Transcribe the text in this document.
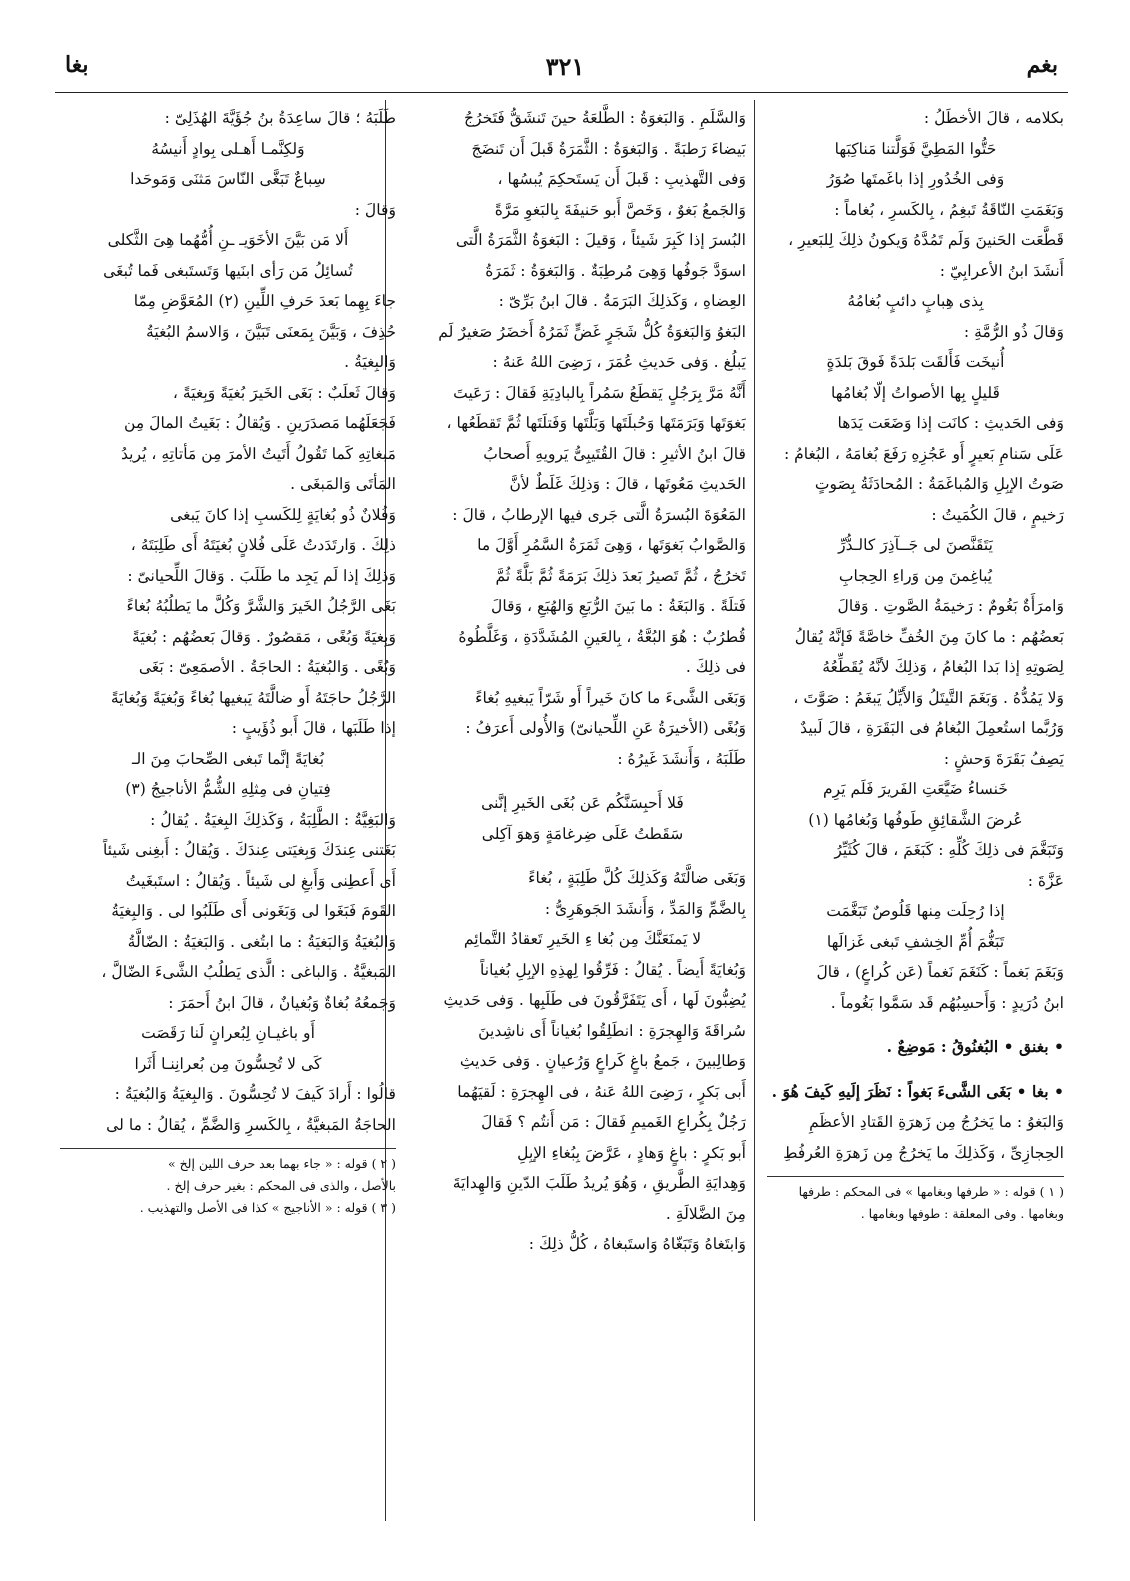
بغم
٣٢١
بغا

بكلامه ، قالَ الأخطَلُ :

حَتُّوا المَطِيَّ فَوَلَّتنا مَناكِبَها

وَفى الخُدُورِ إذا باغَمتَها صُوَرُ

وَبَغَمَتِ النّاقَةُ تَبغِمُ ، بِالكَسرِ ، بُغاماً :

قَطَّعَت الحَنينَ وَلَم تَمُدَّهُ وَيكونُ ذلِكَ لِلبَعيرِ ،

أَنشَدَ ابنُ الأعرابِيّ :

بِذى هِبابٍ دائبٍ بُغامُهُ

وَقالَ ذُو الرُّمَّةِ :

أُنيخَت فَأَلقَت بَلدَةً فَوقَ بَلدَةٍ

قَليلٍ بِها الأصواتُ إلّا بُغامُها

وَفى الحَديثِ : كانَت إذا وَضَعَت يَدَها

عَلَى سَنامِ بَعيرٍ أَو عَجُزِهِ رَفَعَ بُغامَهُ ، البُغامُ :

صَوتُ الإبِلِ وَالمُباغَمَةُ : المُحادَثَةُ بِصَوتٍ

رَخيمٍ ، قالَ الكُمَيتُ :

يَتَقَنَّصنَ لى جَــآذِرَ كالـدُّرِّ

يُباغِمنَ مِن وَراءِ الحِجابِ

وَامرَأَةٌ بَغُومٌ : رَخيمَةُ الصَّوتِ . وَقالَ

بَعضُهُم : ما كانَ مِنَ الخُفِّ خاصَّةً فَإنَّهُ يُقالُ

لِصَوتِهِ إذا بَدا البُغامُ ، وَذلِكَ لأنَّهُ يُقَطِّعُهُ

وَلا يَمُدُّهُ . وَبَغَمَ التَّيتَلُ وَالأَيِّلُ يَبغَمُ : صَوَّتَ ،

وَرُبَّما استُعمِلَ البُغامُ فى البَقَرَةِ ، قالَ لَبيدٌ

يَصِفُ بَقَرَةَ وَحشٍ :

خَنساءُ ضَيَّعَتِ الفَريرَ فَلَم يَرِم

عُرضَ الشَّقائِقِ طَوفُها وَبُغامُها (١)

وَتَبَغَّمَ فى ذلِكَ كُلِّهِ : كَبَغَمَ ، قالَ كُثَيِّرُ

عَزَّةَ :

إذا رُحِلَت مِنها قَلُوصٌ تَبَغَّمَت

تَبَغُّمَ أُمِّ الخِشفِ تَبغى غَزالَها

وَبَغَمَ بَغماً : كَنَغَمَ نَغماً (عَن كُراعٍ) ، قالَ

ابنُ دُرَيدٍ : وَأَحسِبُهُم قَد سَمَّوا بَغُوماً .

• بغنق • البُغنُوقُ : مَوضِعٌ .

• بغا • بَغَى الشَّىءَ بَغواً : نَظَرَ إلَيهِ كَيفَ هُوَ .

وَالبَغوُ : ما يَخرُجُ مِن زَهرَةِ القَتادِ الأعظَمِ

الحِجازِىِّ ، وَكَذلِكَ ما يَخرُجُ مِن زَهرَةِ العُرفُطِ

( ١ ) قوله : « طرفها وبغامها » فى المحكم : طرفها

وبغامها . وفى المعلقة : طوفها وبغامها .

وَالسَّلَمِ . وَالبَغوَةُ : الطَّلعَةُ حينَ تَنشَقُّ فَتَخرُجُ

بَيضاءَ رَطبَةً . وَالبَغوَةُ : الثَّمَرَةُ قَبلَ أَن تَنضَجَ

وَفى التَّهذيبِ : قَبلَ أَن يَستَحكِمَ يُبسُها ،

وَالجَمعُ بَغوٌ ، وَخَصَّ أَبو حَنيفَةَ بِالبَغوِ مَرَّةً

البُسرَ إذا كَبِرَ شَيئاً ، وَقيلَ : البَغوَةُ الثَّمَرَةُ الَّتى

اسوَدَّ جَوفُها وَهِىَ مُرطِبَةٌ . وَالبَغوَةُ : ثَمَرَةُ

العِضاهِ ، وَكَذلِكَ البَرَمَةُ . قالَ ابنُ بَرِّىّ :

البَغوُ وَالبَغوَةُ كُلُّ شَجَرٍ غَضٍّ ثَمَرُهُ أَخضَرُ صَغيرٌ لَم

يَبلُغ . وَفى حَديثِ عُمَرَ ، رَضِىَ اللهُ عَنهُ :

أَنَّهُ مَرَّ بِرَجُلٍ يَقطَعُ سَمُراً بِالبادِيَةِ فَقالَ : رَعَيتَ

بَغوَتَها وَبَرَمَتَها وَحُبلَتَها وَبَلَّتَها وَفَتلَتَها ثُمَّ تَقطَعُها ،

قالَ ابنُ الأثيرِ : قالَ القُتَيبِىُّ يَرويهِ أَصحابُ

الحَديثِ مَعُوتَها ، قالَ : وَذلِكَ غَلَطٌ لأنَّ

المَعُوَةَ البُسرَةُ الَّتى جَرى فيها الإرطابُ ، قالَ :

وَالصَّوابُ بَغوَتَها ، وَهِىَ ثَمَرَةُ السَّمُرِ أَوَّلَ ما

تَخرُجُ ، ثُمَّ تَصيرُ بَعدَ ذلِكَ بَرَمَةً ثُمَّ بَلَّةً ثُمَّ

فَتلَةً . وَالبَغَةُ : ما بَينَ الرُّبَعِ وَالهُبَعِ ، وَقالَ

قُطرُبٌ : هُوَ البُعَّةُ ، بِالعَينِ المُشَدَّدَةِ ، وَغَلَّطُوهُ

فى ذلِكَ .

وَبَغَى الشَّىءَ ما كانَ خَيراً أَو شَرّاً يَبغيهِ بُغاءً

وَبُغًى (الأخيرَةُ عَنِ اللِّحيانىّ) وَالأُولى أَعرَفُ :

طَلَبَهُ ، وَأَنشَدَ غَيرُهُ :

فَلا أَحبِسَنَّكُم عَن بُغَى الخَيرِ إنَّنى

سَقَطتُ عَلَى ضِرغامَةٍ وَهوَ آكِلى

وَبَغَى ضالَّتَهُ وَكَذلِكَ كُلَّ طَلِبَةٍ ، بُغاءً

بِالضَّمِّ وَالمَدِّ ، وَأَنشَدَ الجَوهَرِىُّ :

لا يَمنَعَنَّكَ مِن بُغا ءِ الخَيرِ تَعقادُ التَّمائِم

وَبُغايَةً أَيضاً . يُقالُ : فَرِّقُوا لِهذِهِ الإبِلِ بُغياناً

يُضِبُّونَ لَها ، أَى يَتَفَرَّقُونَ فى طَلَبِها . وَفى حَديثِ

سُراقَةَ وَالهِجرَةِ : انطَلِقُوا بُغياناً أَى ناشِدينَ

وَطالِبينَ ، جَمعُ باغٍ كَراعٍ وَرُعيانٍ . وَفى حَديثِ

أَبى بَكرٍ ، رَضِىَ اللهُ عَنهُ ، فى الهِجرَةِ : لَقيَهُما

رَجُلٌ بِكُراعِ الغَميمِ فَقالَ : مَن أَنتُم ؟ فَقالَ

أَبو بَكرٍ : باغٍ وَهادٍ ، عَرَّضَ بِبُغاءِ الإبِلِ

وَهِدايَةِ الطَّريقِ ، وَهُوَ يُريدُ طَلَبَ الدّينِ وَالهِدايَةَ

مِنَ الضَّلالَةِ .

وَابتَغاهُ وَتَبَغّاهُ وَاستَبغاهُ ، كُلُّ ذلِكَ :

طَلَبَهُ ؛ قالَ ساعِدَةُ بنُ جُؤَيَّةَ الهُذَلِىّ :

وَلكِنَّمـا أَهـلى بِوادٍ أَنيسُهُ

سِباعٌ تَبَغَّى النّاسَ مَثنَى وَمَوحَدا

وَقالَ :

أَلا مَن بَيَّنَ الأخَوَيـ ـنِ أُمُّهُما هِىَ الثَّكلى

تُسائِلُ مَن رَأى ابنَيها وَتَستَبغى فَما تُبغَى

جاءَ بِهِما بَعدَ حَرفِ اللِّينِ (٢) المُعَوَّضِ مِمّا

حُذِفَ ، وَبَيَّنَ بِمَعنَى تَبَيَّنَ ، وَالاسمُ البُغيَةُ

وَالبِغيَةُ .

وَقالَ ثَعلَبٌ : بَغَى الخَيرَ بُغيَةً وَبِغيَةً ،

فَجَعَلَهُما مَصدَرَينِ . وَيُقالُ : بَغَيتُ المالَ مِن

مَبغاتِهِ كَما تَقُولُ أَتَيتُ الأمرَ مِن مَأتاتِهِ ، يُريدُ

المَأتَى وَالمَبغَى .

وَفُلانٌ ذُو بُغايَةٍ لِلكَسبِ إذا كانَ يَبغى

ذلِكَ . وَارتَدَدتُ عَلَى فُلانٍ بُغيَتَهُ أَى طَلِبَتَهُ ،

وَذلِكَ إذا لَم يَجِد ما طَلَبَ . وَقالَ اللِّحيانىّ :

بَغَى الرَّجُلُ الخَيرَ وَالشَّرَّ وَكُلَّ ما يَطلُبُهُ بُغاءً

وَبِغيَةً وَبُغًى ، مَقصُورٌ . وَقالَ بَعضُهُم : بُغيَةً

وَبُغًى . وَالبُغيَةُ : الحاجَةُ . الأصمَعِىّ : بَغَى

الرَّجُلُ حاجَتَهُ أَو ضالَّتَهُ يَبغيها بُغاءً وَبُغيَةً وَبُغايَةً

إذا طَلَبَها ، قالَ أَبو ذُؤَيبٍ :

بُغايَةً إنَّما تَبغى الصِّحابَ مِنَ الـ

فِتيانِ فى مِثلِهِ الشُّمُّ الأناجيجُ (٣)

وَالبَغِيَّةُ : الطَّلِبَةُ ، وَكَذلِكَ البِغيَةُ . يُقالُ :

بَغَتنى عِندَكَ وَبِغيَتى عِندَكَ . وَيُقالُ : أَبغِنى شَيئاً

أَى أَعطِنى وَأَبغِ لى شَيئاً . وَيُقالُ : استَبغَيتُ

القَومَ فَبَغَوا لى وَبَغَونى أَى طَلَبُوا لى . وَالبِغيَةُ

وَالبُغيَةُ وَالبَغيَةُ : ما ابتُغى . وَالبَغيَةُ : الضّالَّةُ

المَبغيَّةُ . وَالباغى : الَّذى يَطلُبُ الشَّىءَ الضّالَّ ،

وَجَمعُهُ بُغاةٌ وَبُغيانٌ ، قالَ ابنُ أَحمَرَ :

أَو باغيـانِ لِبُعرانٍ لَنا رَقَصَت

كَى لا تُحِسُّونَ مِن بُعرانِنـا أَثَرا

قالُوا : أَرادَ كَيفَ لا تُحِسُّونَ . وَالبِغيَةُ وَالبُغيَةُ :

الحاجَةُ المَبغيَّةُ ، بِالكَسرِ وَالضَّمِّ ، يُقالُ : ما لى

( ٢ ) قوله : « جاء بهما بعد حرف اللين إلخ »

بالأصل ، والذى فى المحكم : بغير حرف إلخ .

( ٣ ) قوله : « الأناجيج » كذا فى الأصل والتهذيب .
